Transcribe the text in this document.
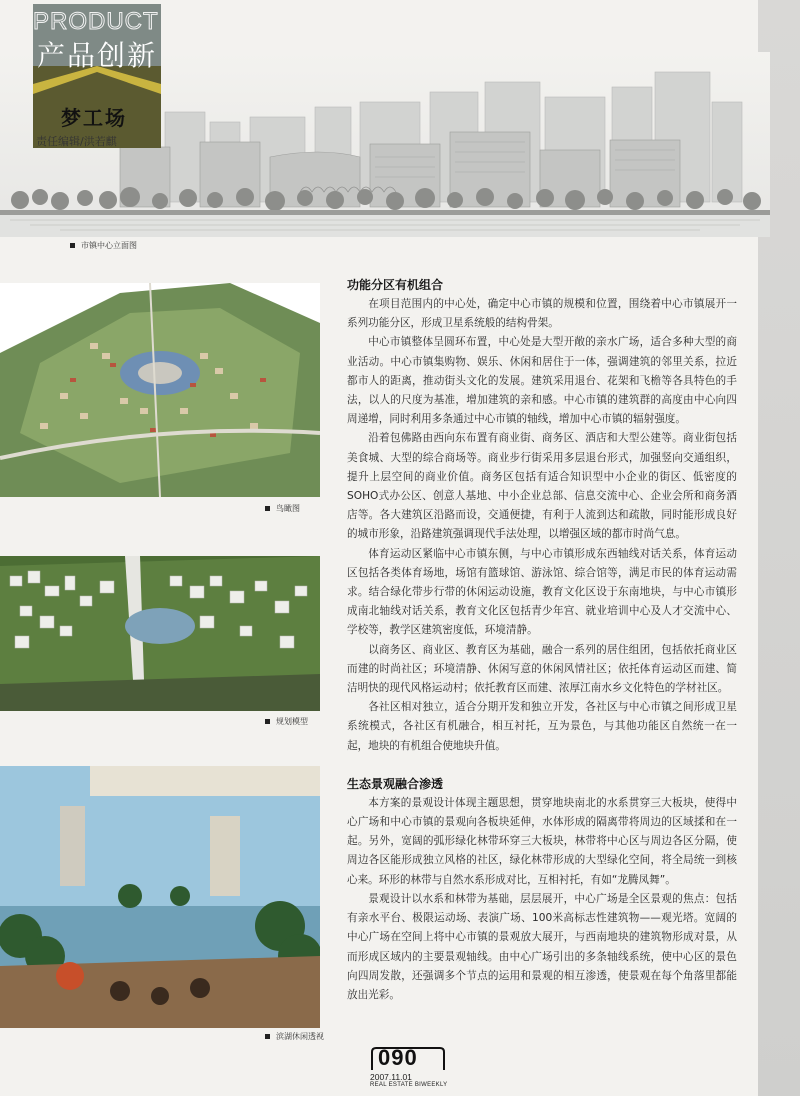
PRODUCT
产品创新
梦工场
责任编辑/洪若麒
市镇中心立面图
鸟瞰图
规划模型
滨湖休闲透视

功能分区有机组合

在项目范围内的中心处，确定中心市镇的规模和位置，围绕着中心市镇展开一系列功能分区，形成卫星系统般的结构骨架。

中心市镇整体呈圆环布置，中心处是大型开敞的亲水广场，适合多种大型的商业活动。中心市镇集购物、娱乐、休闲和居住于一体，强调建筑的邻里关系，拉近都市人的距离，推动街头文化的发展。建筑采用退台、花架和飞檐等各具特色的手法，以人的尺度为基准，增加建筑的亲和感。中心市镇的建筑群的高度由中心向四周递增，同时利用多条通过中心市镇的轴线，增加中心市镇的辐射强度。

沿着包佛路由西向东布置有商业街、商务区、酒店和大型公建等。商业街包括美食城、大型的综合商场等。商业步行街采用多层退台形式，加强竖向交通组织，提升上层空间的商业价值。商务区包括有适合知识型中小企业的街区、低密度的SOHO式办公区、创意人基地、中小企业总部、信息交流中心、企业会所和商务酒店等。各大建筑区沿路而设，交通便捷，有利于人流到达和疏散，同时能形成良好的城市形象，沿路建筑强调现代手法处理，以增强区域的都市时尚气息。

体育运动区紧临中心市镇东侧，与中心市镇形成东西轴线对话关系，体育运动区包括各类体育场地，场馆有篮球馆、游泳馆、综合馆等，满足市民的体育运动需求。结合绿化带步行带的休闲运动设施，教育文化区设于东南地块，与中心市镇形成南北轴线对话关系，教育文化区包括青少年宫、就业培训中心及人才交流中心、学校等，教学区建筑密度低，环境清静。

以商务区、商业区、教育区为基础，融合一系列的居住组团，包括依托商业区而建的时尚社区；环境清静、休闲写意的休闲风情社区；依托体育运动区而建、简洁明快的现代风格运动村；依托教育区而建、浓厚江南水乡文化特色的学材社区。

各社区相对独立，适合分期开发和独立开发，各社区与中心市镇之间形成卫星系统模式，各社区有机融合，相互衬托，互为景色，与其他功能区自然统一在一起，地块的有机组合使地块升值。

生态景观融合渗透

本方案的景观设计体现主题思想，贯穿地块南北的水系贯穿三大板块，使得中心广场和中心市镇的景观向各板块延伸，水体形成的隔离带将周边的区域揉和在一起。另外，宽阔的弧形绿化林带环穿三大板块，林带将中心区与周边各区分隔，使周边各区能形成独立风格的社区，绿化林带形成的大型绿化空间，将全局统一到核心来。环形的林带与自然水系形成对比，互相衬托，有如“龙腾凤舞”。

景观设计以水系和林带为基础，层层展开，中心广场是全区景观的焦点：包括有亲水平台、极限运动场、表演广场、100米高标志性建筑物——观光塔。宽阔的中心广场在空间上将中心市镇的景观放大展开，与西南地块的建筑物形成对景，从而形成区域内的主要景观轴线。由中心广场引出的多条轴线系统，使中心区的景色向四周发散，还强调多个节点的运用和景观的相互渗透，使景观在每个角落里都能放出光彩。

090
2007.11.01
REAL ESTATE BIWEEKLY
